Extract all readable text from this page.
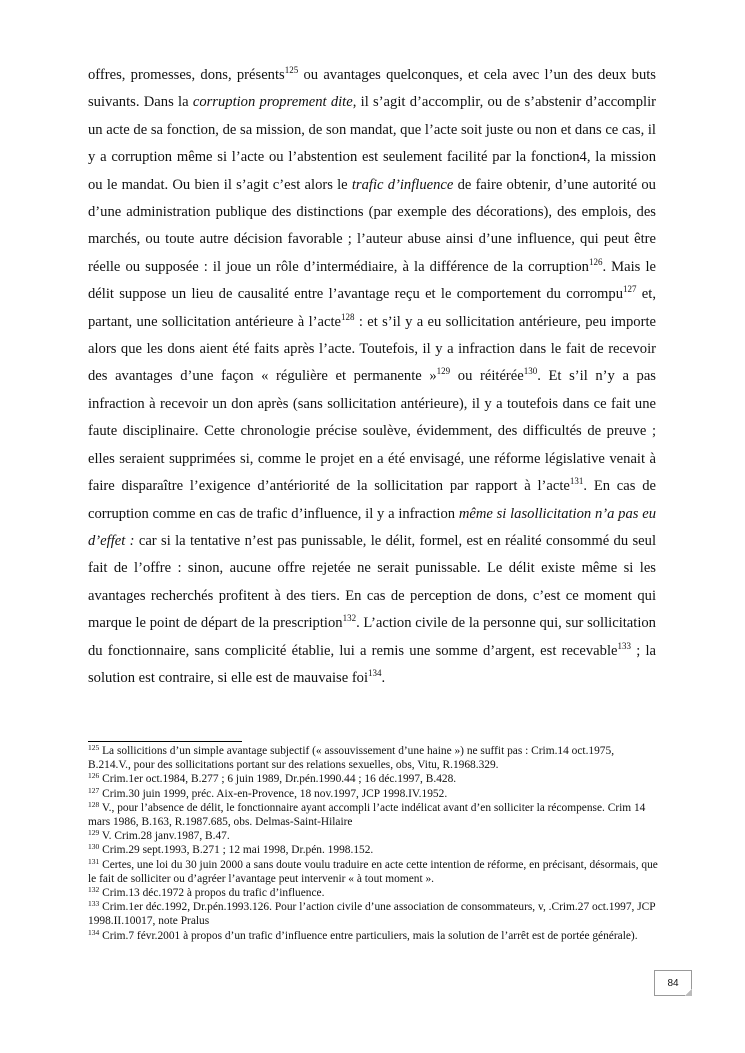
offres, promesses, dons, présents$^{125}$ ou avantages quelconques, et cela avec l’un des deux buts suivants. Dans la corruption proprement dite, il s’agit d’accomplir, ou de s’abstenir d’accomplir un acte de sa fonction, de sa mission, de son mandat, que l’acte soit juste ou non et dans ce cas, il y a corruption même si l’acte ou l’abstention est seulement facilité par la fonction4, la mission ou le mandat. Ou bien il s’agit c’est alors le trafic d’influence de faire obtenir, d’une autorité ou d’une administration publique des distinctions (par exemple des décorations), des emplois, des marchés, ou toute autre décision favorable ; l’auteur abuse ainsi d’une influence, qui peut être réelle ou supposée : il joue un rôle d’intermédiaire, à la différence de la corruption$^{126}$. Mais le délit suppose un lieu de causalité entre l’avantage reçu et le comportement du corrompu$^{127}$ et, partant, une sollicitation antérieure à l’acte$^{128}$ : et s’il y a eu sollicitation antérieure, peu importe alors que les dons aient été faits après l’acte. Toutefois, il y a infraction dans le fait de recevoir des avantages d’une façon « régulière et permanente »$^{129}$ ou réitérée$^{130}$. Et s’il n’y a pas infraction à recevoir un don après (sans sollicitation antérieure), il y a toutefois dans ce fait une faute disciplinaire. Cette chronologie précise soulève, évidemment, des difficultés de preuve ; elles seraient supprimées si, comme le projet en a été envisagé, une réforme législative venait à faire disparaître l’exigence d’antériorité de la sollicitation par rapport à l’acte$^{131}$. En cas de corruption comme en cas de trafic d’influence, il y a infraction même si lasollicitation n’a pas eu d’effet : car si la tentative n’est pas punissable, le délit, formel, est en réalité consommé du seul fait de l’offre : sinon, aucune offre rejetée ne serait punissable. Le délit existe même si les avantages recherchés profitent à des tiers. En cas de perception de dons, c’est ce moment qui marque le point de départ de la prescription$^{132}$. L’action civile de la personne qui, sur sollicitation du fonctionnaire, sans complicité établie, lui a remis une somme d’argent, est recevable$^{133}$ ; la solution est contraire, si elle est de mauvaise foi$^{134}$.

$^{125}$ La sollicitions d’un simple avantage subjectif (« assouvissement d’une haine ») ne suffit pas : Crim.14 oct.1975, B.214.V., pour des sollicitations portant sur des relations sexuelles, obs, Vitu, R.1968.329.
$^{126}$ Crim.1er oct.1984, B.277 ; 6 juin 1989, Dr.pén.1990.44 ; 16 déc.1997, B.428.
$^{127}$ Crim.30 juin 1999, préc. Aix-en-Provence, 18 nov.1997, JCP 1998.IV.1952.
$^{128}$ V., pour l’absence de délit, le fonctionnaire ayant accompli l’acte indélicat avant d’en solliciter la récompense. Crim 14 mars 1986, B.163, R.1987.685, obs. Delmas-Saint-Hilaire
$^{129}$ V. Crim.28 janv.1987, B.47.
$^{130}$ Crim.29 sept.1993, B.271 ; 12 mai 1998, Dr.pén. 1998.152.
$^{131}$ Certes, une loi du 30 juin 2000 a sans doute voulu traduire en acte cette intention de réforme, en précisant, désormais, que le fait de solliciter ou d’agréer l’avantage peut intervenir « à tout moment ».
$^{132}$ Crim.13 déc.1972 à propos du trafic d’influence.
$^{133}$ Crim.1er déc.1992, Dr.pén.1993.126. Pour l’action civile d’une association de consommateurs, v, .Crim.27 oct.1997, JCP 1998.II.10017, note Pralus
$^{134}$ Crim.7 févr.2001 à propos d’un trafic d’influence entre particuliers, mais la solution de l’arrêt est de portée générale).
84
